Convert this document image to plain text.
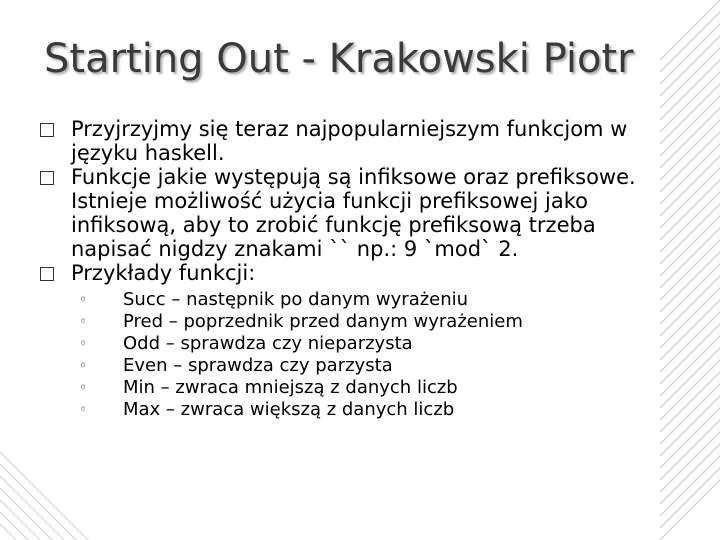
Starting Out - Krakowski Piotr
Przyjrzyjmy się teraz najpopularniejszym funkcjom w języku haskell.
Funkcje jakie występują są infiksowe oraz prefiksowe. Istnieje możliwość użycia funkcji prefiksowej jako infiksową, aby to zrobić funkcję prefiksową trzeba napisać nigdzy znakami `` np.: 9 `mod` 2.
Przykłady funkcji:
◦ Succ – następnik po danym wyrażeniu
◦ Pred – poprzednik przed danym wyrażeniem
◦ Odd – sprawdza czy nieparzysta
◦ Even – sprawdza czy parzysta
◦ Min – zwraca mniejszą z danych liczb
◦ Max – zwraca większą z danych liczb
